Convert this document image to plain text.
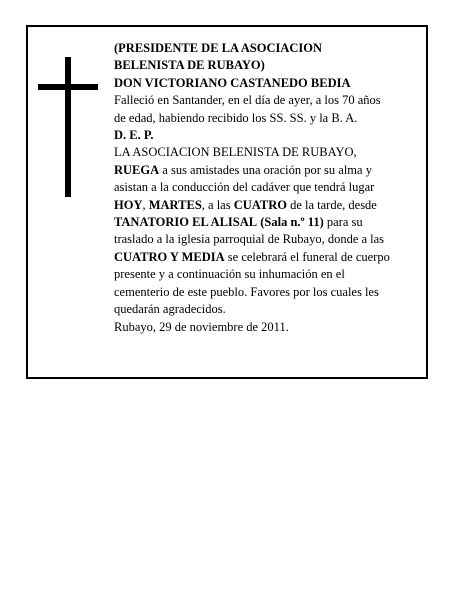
(PRESIDENTE DE LA ASOCIACION
BELENISTA DE RUBAYO)
DON VICTORIANO CASTANEDO BEDIA
Falleció en Santander, en el día de ayer, a los 70 años
de edad, habiendo recibido los SS. SS. y la B. A.
D. E. P.
LA ASOCIACION BELENISTA DE RUBAYO,
RUEGA a sus amistades una oración por su alma y
asistan a la conducción del cadáver que tendrá lugar
HOY, MARTES, a las CUATRO de la tarde, desde
TANATORIO EL ALISAL (Sala n.º 11) para su
traslado a la iglesia parroquial de Rubayo, donde a las
CUATRO Y MEDIA se celebrará el funeral de cuerpo
presente y a continuación su inhumación en el
cementerio de este pueblo. Favores por los cuales les
quedarán agradecidos.
Rubayo, 29 de noviembre de 2011.
